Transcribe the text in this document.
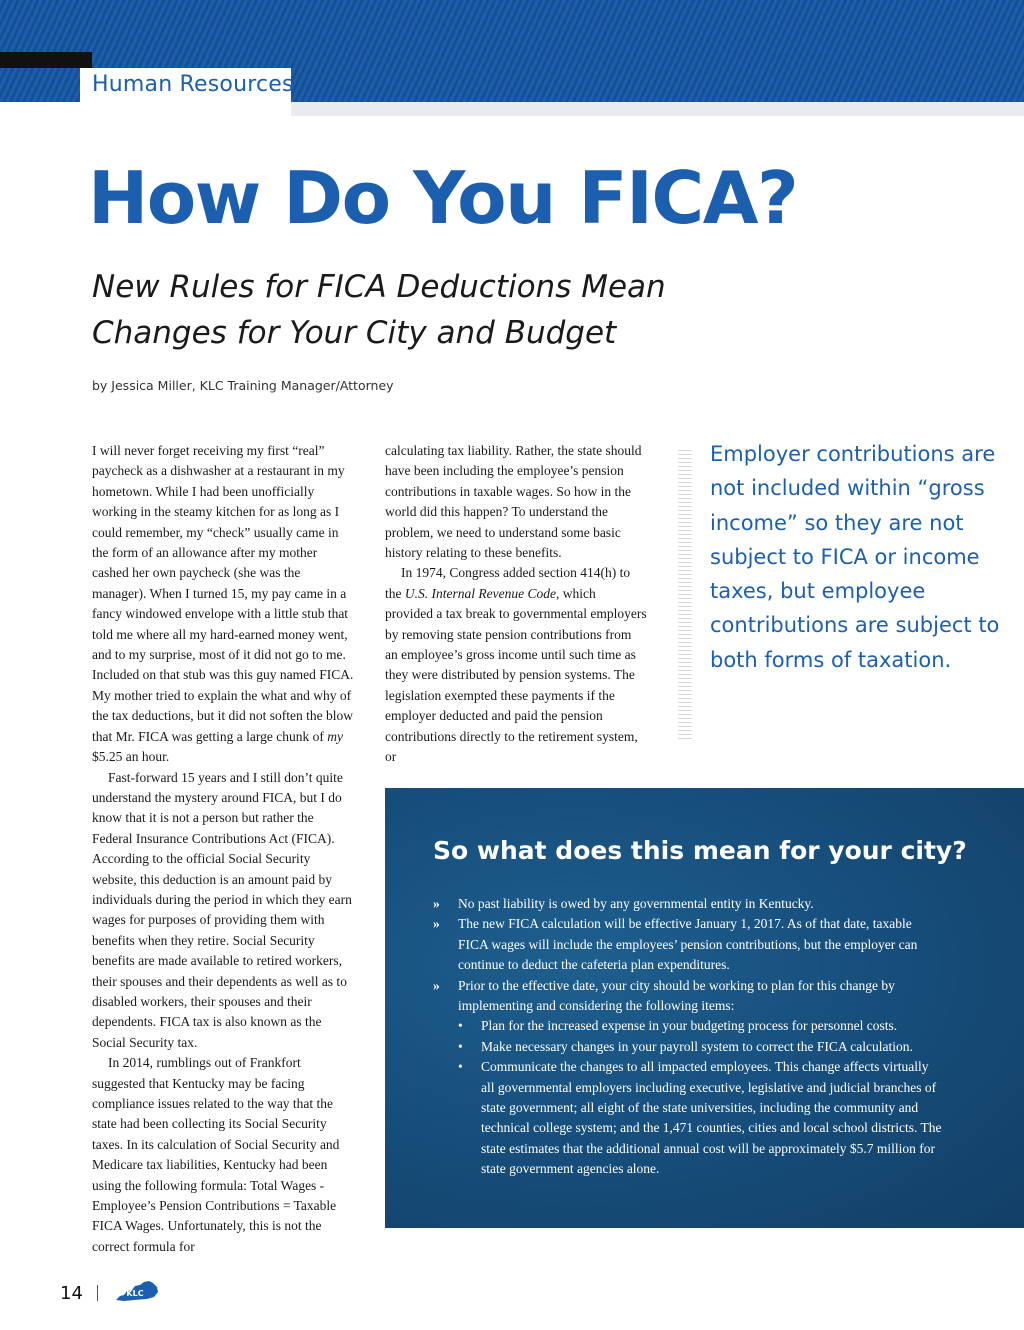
Human Resources
How Do You FICA?
New Rules for FICA Deductions Mean Changes for Your City and Budget
by Jessica Miller, KLC Training Manager/Attorney

I will never forget receiving my first “real” paycheck as a dishwasher at a restaurant in my hometown. While I had been unofficially working in the steamy kitchen for as long as I could remember, my “check” usually came in the form of an allowance after my mother cashed her own paycheck (she was the manager). When I turned 15, my pay came in a fancy windowed envelope with a little stub that told me where all my hard-earned money went, and to my surprise, most of it did not go to me. Included on that stub was this guy named FICA. My mother tried to explain the what and why of the tax deductions, but it did not soften the blow that Mr. FICA was getting a large chunk of my $5.25 an hour.

Fast-forward 15 years and I still don’t quite understand the mystery around FICA, but I do know that it is not a person but rather the Federal Insurance Contributions Act (FICA). According to the official Social Security website, this deduction is an amount paid by individuals during the period in which they earn wages for purposes of providing them with benefits when they retire. Social Security benefits are made available to retired workers, their spouses and their dependents as well as to disabled workers, their spouses and their dependents. FICA tax is also known as the Social Security tax.

In 2014, rumblings out of Frankfort suggested that Kentucky may be facing compliance issues related to the way that the state had been collecting its Social Security taxes. In its calculation of Social Security and Medicare tax liabilities, Kentucky had been using the following formula: Total Wages - Employee’s Pension Contributions = Taxable FICA Wages. Unfortunately, this is not the correct formula for

calculating tax liability. Rather, the state should have been including the employee’s pension contributions in taxable wages. So how in the world did this happen? To understand the problem, we need to understand some basic history relating to these benefits.

In 1974, Congress added section 414(h) to the U.S. Internal Revenue Code, which provided a tax break to governmental employers by removing state pension contributions from an employee’s gross income until such time as they were distributed by pension systems. The legislation exempted these payments if the employer deducted and paid the pension contributions directly to the retirement system, or

Employer contributions are not included within “gross income” so they are not subject to FICA or income taxes, but employee contributions are subject to both forms of taxation.
So what does this mean for your city?
» No past liability is owed by any governmental entity in Kentucky.
» The new FICA calculation will be effective January 1, 2017. As of that date, taxable FICA wages will include the employees’ pension contributions, but the employer can continue to deduct the cafeteria plan expenditures.
» Prior to the effective date, your city should be working to plan for this change by implementing and considering the following items:
• Plan for the increased expense in your budgeting process for personnel costs.
• Make necessary changes in your payroll system to correct the FICA calculation.
• Communicate the changes to all impacted employees. This change affects virtually all governmental employers including executive, legislative and judicial branches of state government; all eight of the state universities, including the community and technical college system; and the 1,471 counties, cities and local school districts. The state estimates that the additional annual cost will be approximately $5.7 million for state government agencies alone.
14	KLC
